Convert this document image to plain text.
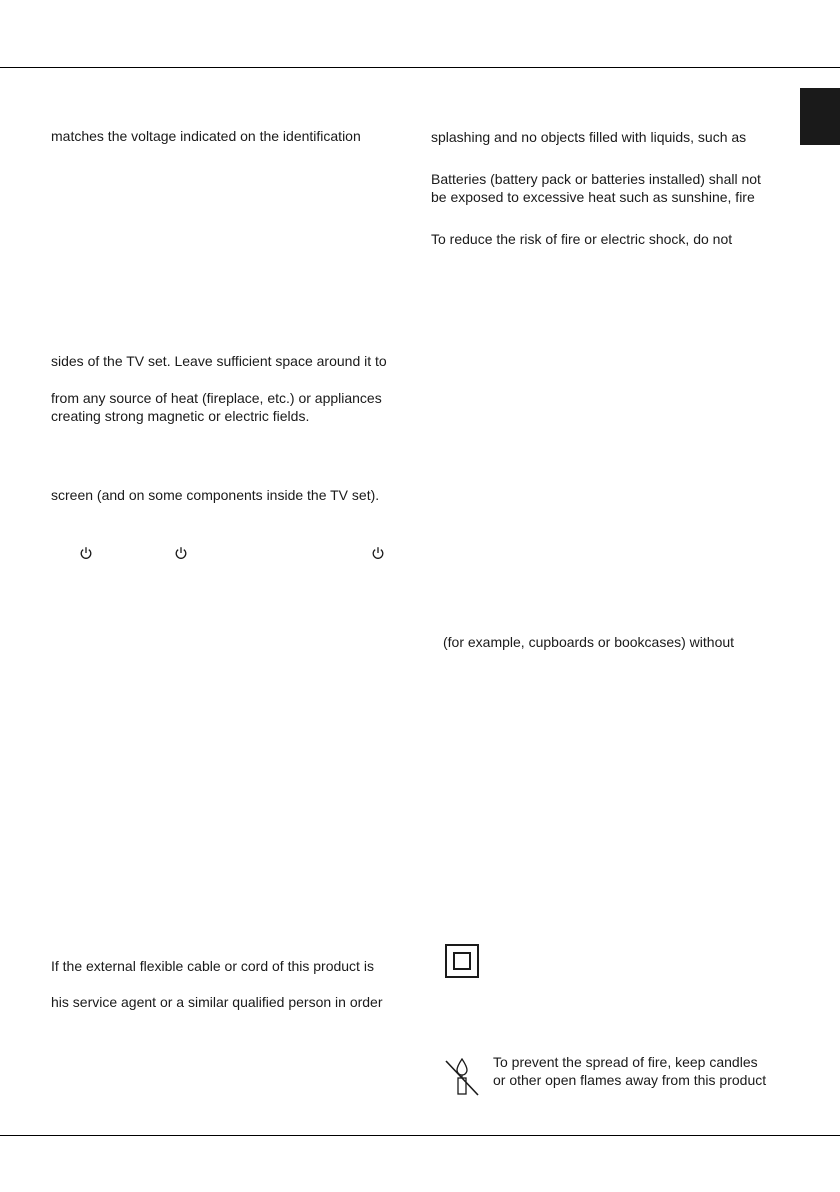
matches the voltage indicated on the identification
sides of the TV set. Leave sufficient space around it to
from any source of heat (fireplace, etc.) or appliances
creating strong magnetic or electric fields.
screen (and on some components inside the TV set).
If the external flexible cable or cord of this product is
his service agent or a similar qualified person in order
splashing and no objects filled with liquids, such as
Batteries (battery pack or batteries installed) shall not
be exposed to excessive heat such as sunshine, fire
To reduce the risk of fire or electric shock, do not
(for example, cupboards or bookcases) without
To prevent the spread of fire, keep candles
or other open flames away from this product
